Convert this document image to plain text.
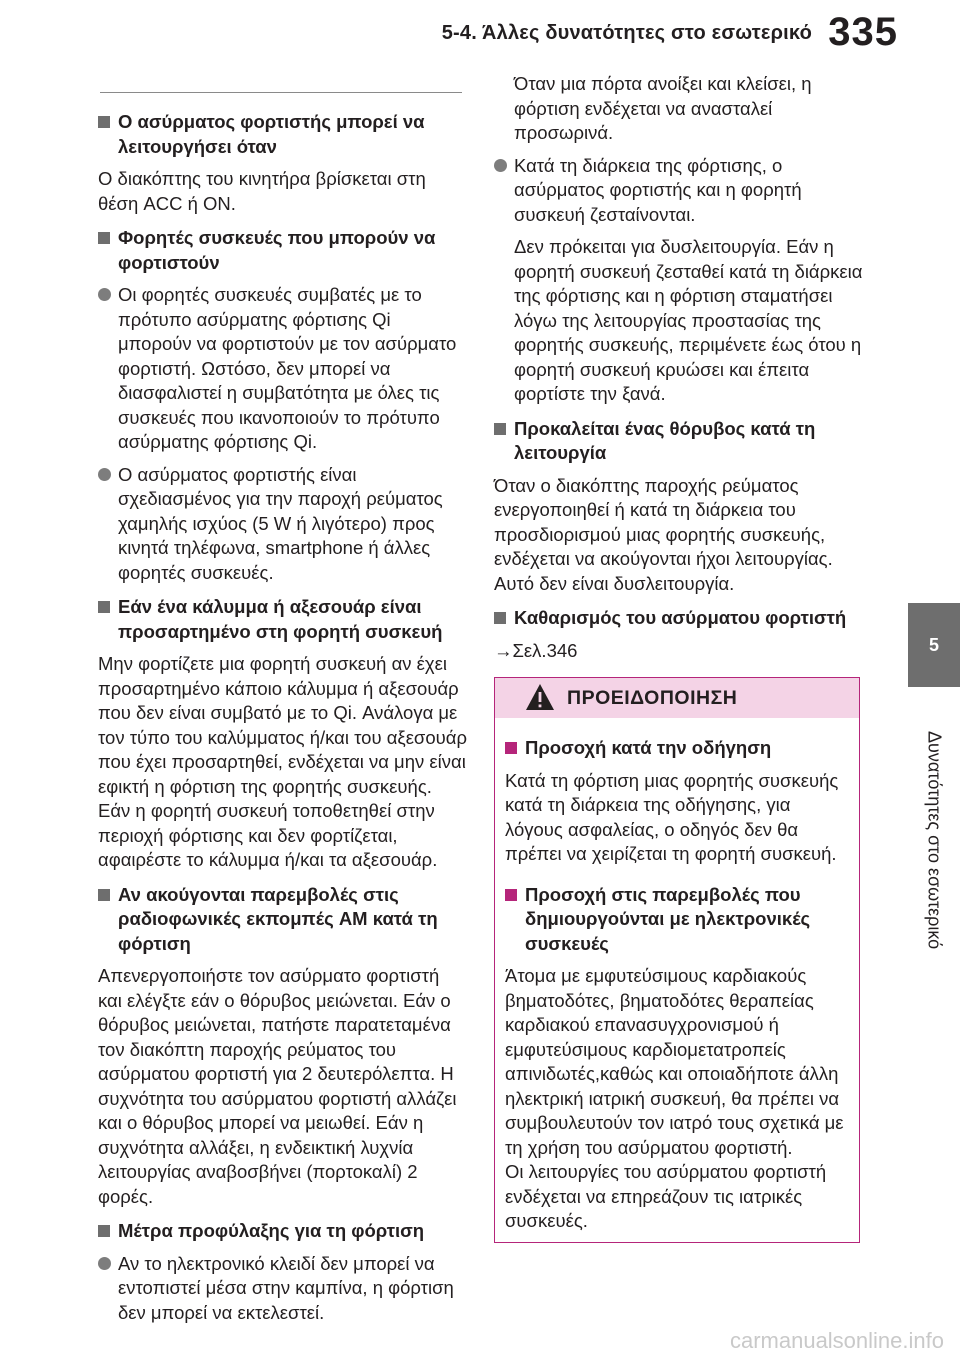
5-4. Άλλες δυνατότητες στο εσωτερικό 335
5
Δυνατότητες στο εσωτερικό
Ο ασύρματος φορτιστής μπορεί να λειτουργήσει όταν
Ο διακόπτης του κινητήρα βρίσκεται στη θέση ACC ή ON.
Φορητές συσκευές που μπορούν να φορτιστούν
Οι φορητές συσκευές συμβατές με το πρότυπο ασύρματης φόρτισης Qi μπορούν να φορτιστούν με τον ασύρματο φορτιστή. Ωστόσο, δεν μπορεί να διασφαλιστεί η συμβατότητα με όλες τις συσκευές που ικανοποιούν το πρότυπο ασύρματης φόρτισης Qi.
Ο ασύρματος φορτιστής είναι σχεδιασμένος για την παροχή ρεύματος χαμηλής ισχύος (5 W ή λιγότερο) προς κινητά τηλέφωνα, smartphone ή άλλες φορητές συσκευές.
Εάν ένα κάλυμμα ή αξεσουάρ είναι προσαρτημένο στη φορητή συσκευή
Μην φορτίζετε μια φορητή συσκευή αν έχει προσαρτημένο κάποιο κάλυμμα ή αξεσουάρ που δεν είναι συμβατό με το Qi. Ανάλογα με τον τύπο του καλύμματος ή/και του αξεσουάρ που έχει προσαρτηθεί, ενδέχεται να μην είναι εφικτή η φόρτιση της φορητής συσκευής. Εάν η φορητή συσκευή τοποθετηθεί στην περιοχή φόρτισης και δεν φορτίζεται, αφαιρέστε το κάλυμμα ή/και τα αξεσουάρ.
Αν ακούγονται παρεμβολές στις ραδιοφωνικές εκπομπές AM κατά τη φόρτιση
Απενεργοποιήστε τον ασύρματο φορτιστή και ελέγξτε εάν ο θόρυβος μειώνεται. Εάν ο θόρυβος μειώνεται, πατήστε παρατεταμένα τον διακόπτη παροχής ρεύματος του ασύρματου φορτιστή για 2 δευτερόλεπτα. Η συχνότητα του ασύρματου φορτιστή αλλάζει και ο θόρυβος μπορεί να μειωθεί. Εάν η συχνότητα αλλάξει, η ενδεικτική λυχνία λειτουργίας αναβοσβήνει (πορτοκαλί) 2 φορές.
Μέτρα προφύλαξης για τη φόρτιση
Αν το ηλεκτρονικό κλειδί δεν μπορεί να εντοπιστεί μέσα στην καμπίνα, η φόρτιση δεν μπορεί να εκτελεστεί.
Όταν μια πόρτα ανοίξει και κλείσει, η φόρτιση ενδέχεται να ανασταλεί προσωρινά.
Κατά τη διάρκεια της φόρτισης, ο ασύρματος φορτιστής και η φορητή συσκευή ζεσταίνονται.
Δεν πρόκειται για δυσλειτουργία. Εάν η φορητή συσκευή ζεσταθεί κατά τη διάρκεια της φόρτισης και η φόρτιση σταματήσει λόγω της λειτουργίας προστασίας της φορητής συσκευής, περιμένετε έως ότου η φορητή συσκευή κρυώσει και έπειτα φορτίστε την ξανά.
Προκαλείται ένας θόρυβος κατά τη λειτουργία
Όταν ο διακόπτης παροχής ρεύματος ενεργοποιηθεί ή κατά τη διάρκεια του προσδιορισμού μιας φορητής συσκευής, ενδέχεται να ακούγονται ήχοι λειτουργίας. Αυτό δεν είναι δυσλειτουργία.
Καθαρισμός του ασύρματου φορτιστή
→Σελ.346
ΠΡΟΕΙΔΟΠΟΙΗΣΗ
Προσοχή κατά την οδήγηση
Κατά τη φόρτιση μιας φορητής συσκευής κατά τη διάρκεια της οδήγησης, για λόγους ασφαλείας, ο οδηγός δεν θα πρέπει να χειρίζεται τη φορητή συσκευή.
Προσοχή στις παρεμβολές που δημιουργούνται με ηλεκτρονικές συσκευές
Άτομα με εμφυτεύσιμους καρδιακούς βηματοδότες, βηματοδότες θεραπείας καρδιακού επανασυγχρονισμού ή εμφυτεύσιμους καρδιομετατροπείς απινιδωτές,καθώς και οποιαδήποτε άλλη ηλεκτρική ιατρική συσκευή, θα πρέπει να συμβουλευτούν τον ιατρό τους σχετικά με τη χρήση του ασύρματου φορτιστή.
Οι λειτουργίες του ασύρματου φορτιστή ενδέχεται να επηρεάζουν τις ιατρικές συσκευές.
carmanualsonline.info
